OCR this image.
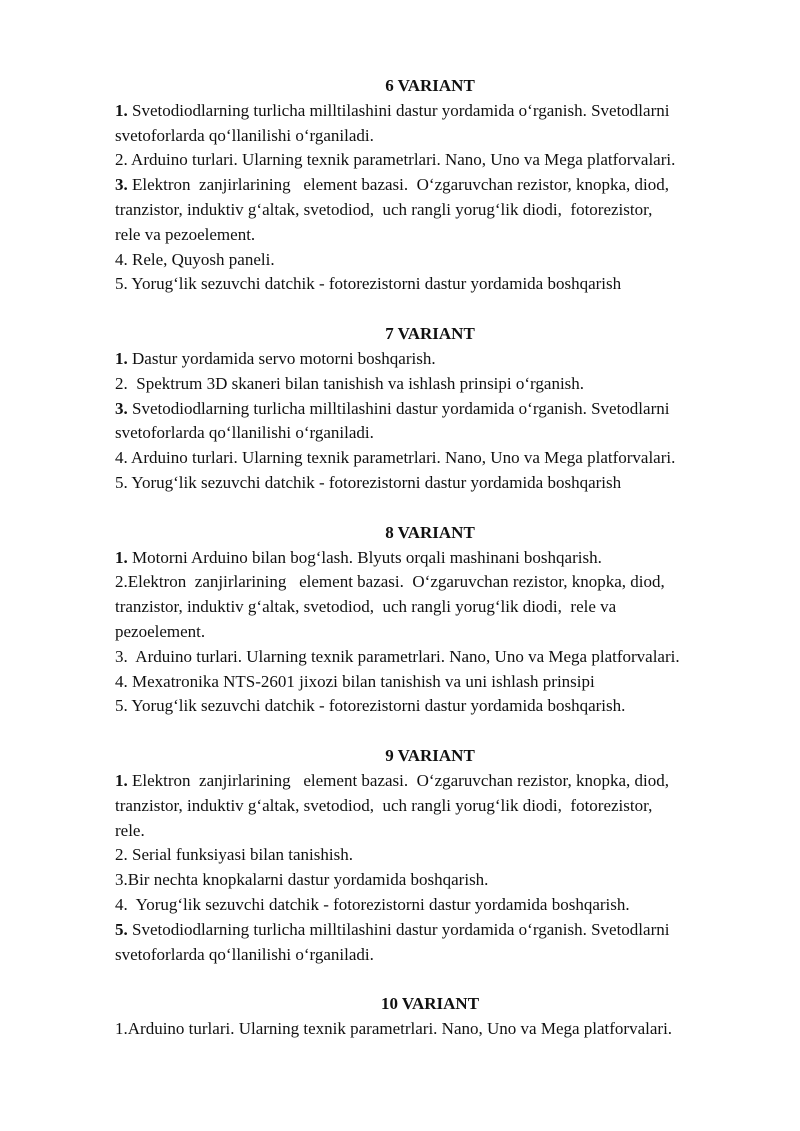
6 VARIANT
1. Svetodiodlarning turlicha milltilashini dastur yordamida o‘rganish. Svetodlarni
svetoforlarda qo‘llanilishi o‘rganiladi.
2. Arduino turlari. Ularning texnik parametrlari. Nano, Uno va Mega platforvalari.
3. Elektron  zanjirlarining   element bazasi.  O‘zgaruvchan rezistor, knopka, diod,
tranzistor, induktiv g‘altak, svetodiod,  uch rangli yorug‘lik diodi,  fotorezistor,
rele va pezoelement.
4. Rele, Quyosh paneli.
5. Yorug‘lik sezuvchi datchik - fotorezistorni dastur yordamida boshqarish
7 VARIANT
1. Dastur yordamida servo motorni boshqarish.
2.  Spektrum 3D skaneri bilan tanishish va ishlash prinsipi o‘rganish.
3. Svetodiodlarning turlicha milltilashini dastur yordamida o‘rganish. Svetodlarni
svetoforlarda qo‘llanilishi o‘rganiladi.
4. Arduino turlari. Ularning texnik parametrlari. Nano, Uno va Mega platforvalari.
5. Yorug‘lik sezuvchi datchik - fotorezistorni dastur yordamida boshqarish
8 VARIANT
1. Motorni Arduino bilan bog‘lash. Blyuts orqali mashinani boshqarish.
2.Elektron  zanjirlarining   element bazasi.  O‘zgaruvchan rezistor, knopka, diod,
tranzistor, induktiv g‘altak, svetodiod,  uch rangli yorug‘lik diodi,  rele va
pezoelement.
3.  Arduino turlari. Ularning texnik parametrlari. Nano, Uno va Mega platforvalari.
4. Mexatronika NTS-2601 jixozi bilan tanishish va uni ishlash prinsipi
5. Yorug‘lik sezuvchi datchik - fotorezistorni dastur yordamida boshqarish.
9 VARIANT
1. Elektron  zanjirlarining   element bazasi.  O‘zgaruvchan rezistor, knopka, diod,
tranzistor, induktiv g‘altak, svetodiod,  uch rangli yorug‘lik diodi,  fotorezistor,
rele.
2. Serial funksiyasi bilan tanishish.
3.Bir nechta knopkalarni dastur yordamida boshqarish.
4.  Yorug‘lik sezuvchi datchik - fotorezistorni dastur yordamida boshqarish.
5. Svetodiodlarning turlicha milltilashini dastur yordamida o‘rganish. Svetodlarni
svetoforlarda qo‘llanilishi o‘rganiladi.
10 VARIANT
1.Arduino turlari. Ularning texnik parametrlari. Nano, Uno va Mega platforvalari.
